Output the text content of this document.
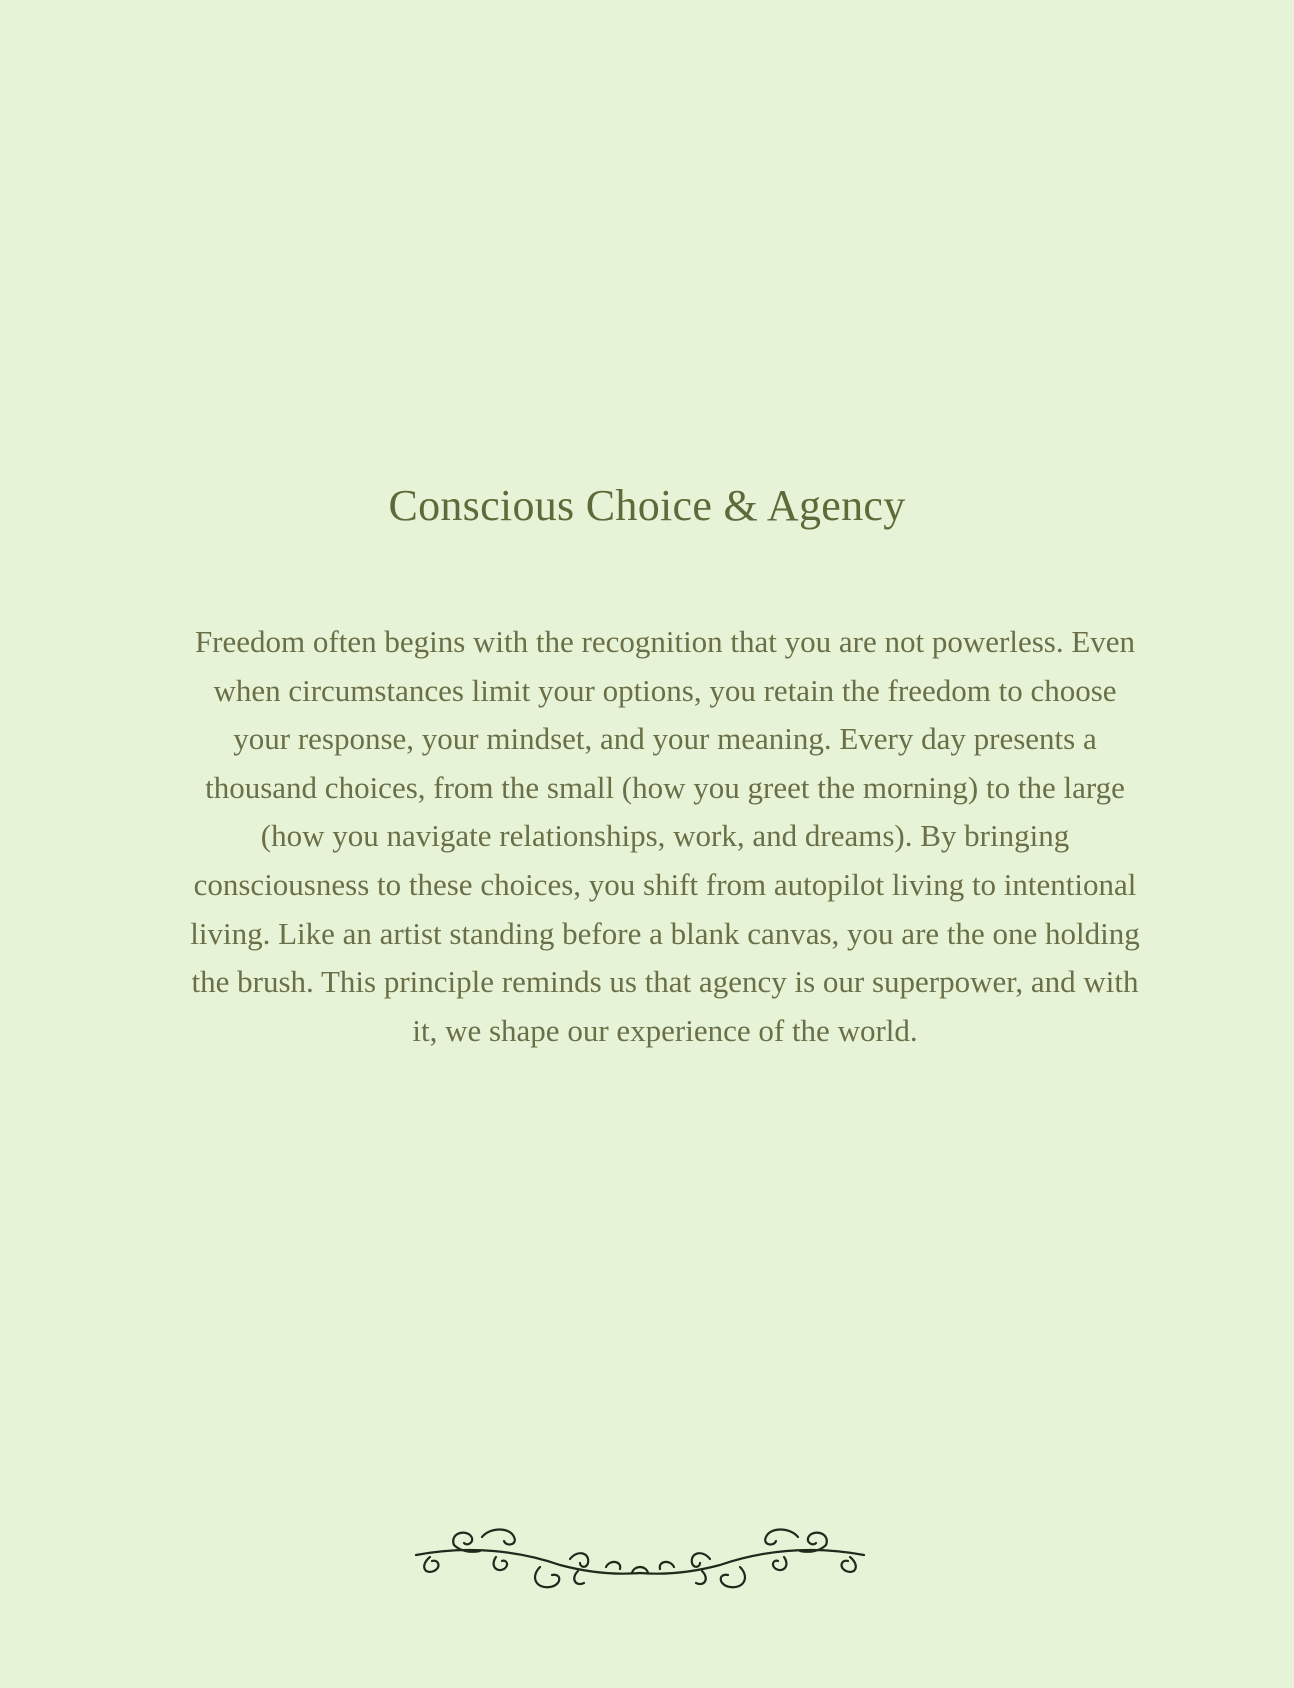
Conscious Choice & Agency

Freedom often begins with the recognition that you are not powerless. Even when circumstances limit your options, you retain the freedom to choose your response, your mindset, and your meaning. Every day presents a thousand choices, from the small (how you greet the morning) to the large (how you navigate relationships, work, and dreams). By bringing consciousness to these choices, you shift from autopilot living to intentional living. Like an artist standing before a blank canvas, you are the one holding the brush. This principle reminds us that agency is our superpower, and with it, we shape our experience of the world.
